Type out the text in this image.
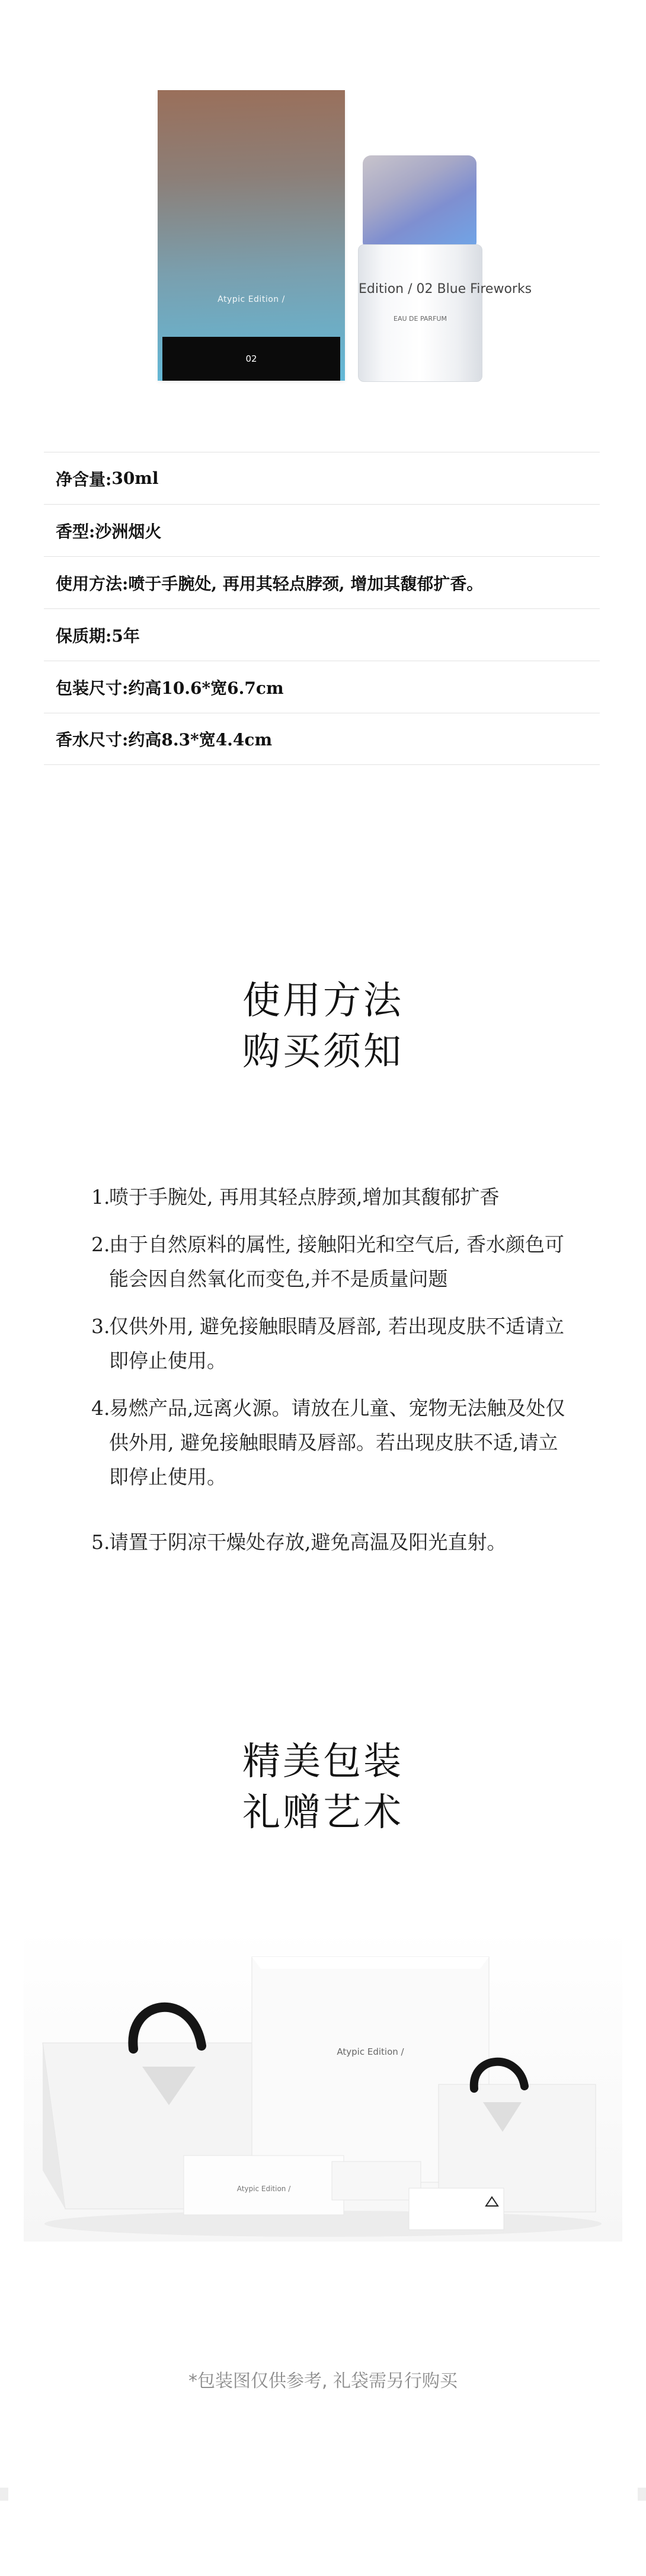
Atypic Edition /
02
Edition / 02 Blue Fireworks
EAU DE PARFUM
净含量: 30ml
香型: 沙洲烟火
使用方法: 喷于手腕处, 再用其轻点脖颈, 增加其馥郁扩香。
保质期: 5年
包装尺寸: 约高10.6*宽6.7cm
香水尺寸: 约高8.3*宽4.4cm
使用方法
购买须知
1.
喷于手腕处, 再用其轻点脖颈,增加其馥郁扩香
2.
由于自然原料的属性, 接触阳光和空气后, 香水颜色可能会因自然氧化而变色,并不是质量问题
3.
仅供外用, 避免接触眼睛及唇部, 若出现皮肤不适请立即停止使用。
4.
易燃产品,远离火源。请放在儿童、宠物无法触及处仅供外用, 避免接触眼睛及唇部。若出现皮肤不适,请立即停止使用。
5.
请置于阴凉干燥处存放,避免高温及阳光直射。
精美包装
礼赠艺术
Atypic Edition /
Atypic Edition /
*包装图仅供参考, 礼袋需另行购买
